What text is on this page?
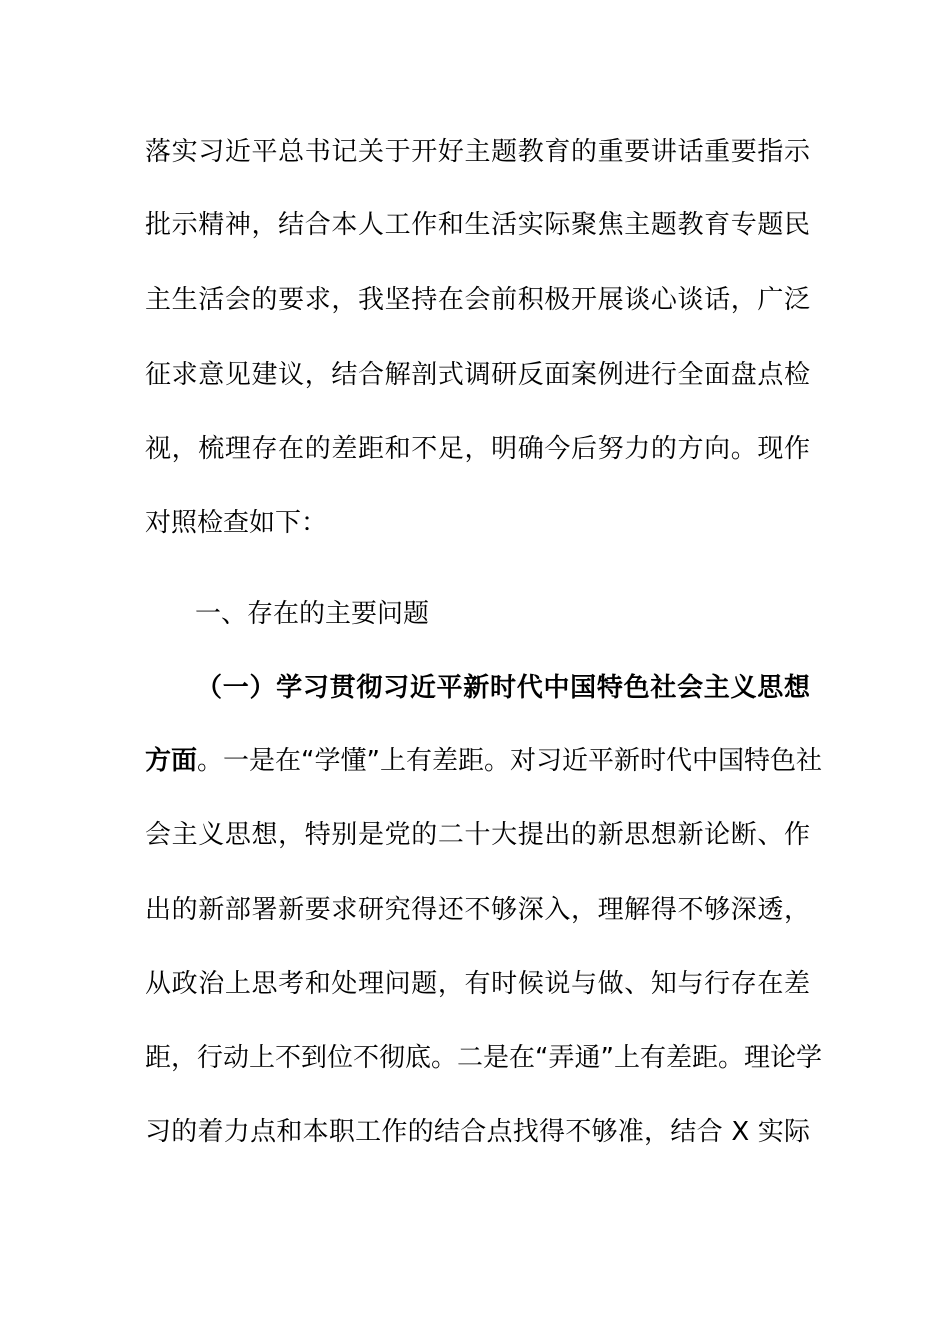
落实习近平总书记关于开好主题教育的重要讲话重要指示
批示精神，结合本人工作和生活实际聚焦主题教育专题民
主生活会的要求，我坚持在会前积极开展谈心谈话，广泛
征求意见建议，结合解剖式调研反面案例进行全面盘点检
视，梳理存在的差距和不足，明确今后努力的方向。现作
对照检查如下：
一、存在的主要问题
（一）学习贯彻习近平新时代中国特色社会主义思想
方面。一是在“学懂”上有差距。对习近平新时代中国特色社
会主义思想，特别是党的二十大提出的新思想新论断、作
出的新部署新要求研究得还不够深入，理解得不够深透，
从政治上思考和处理问题，有时候说与做、知与行存在差
距，行动上不到位不彻底。二是在“弄通”上有差距。理论学
习的着力点和本职工作的结合点找得不够准，结合 X 实际
